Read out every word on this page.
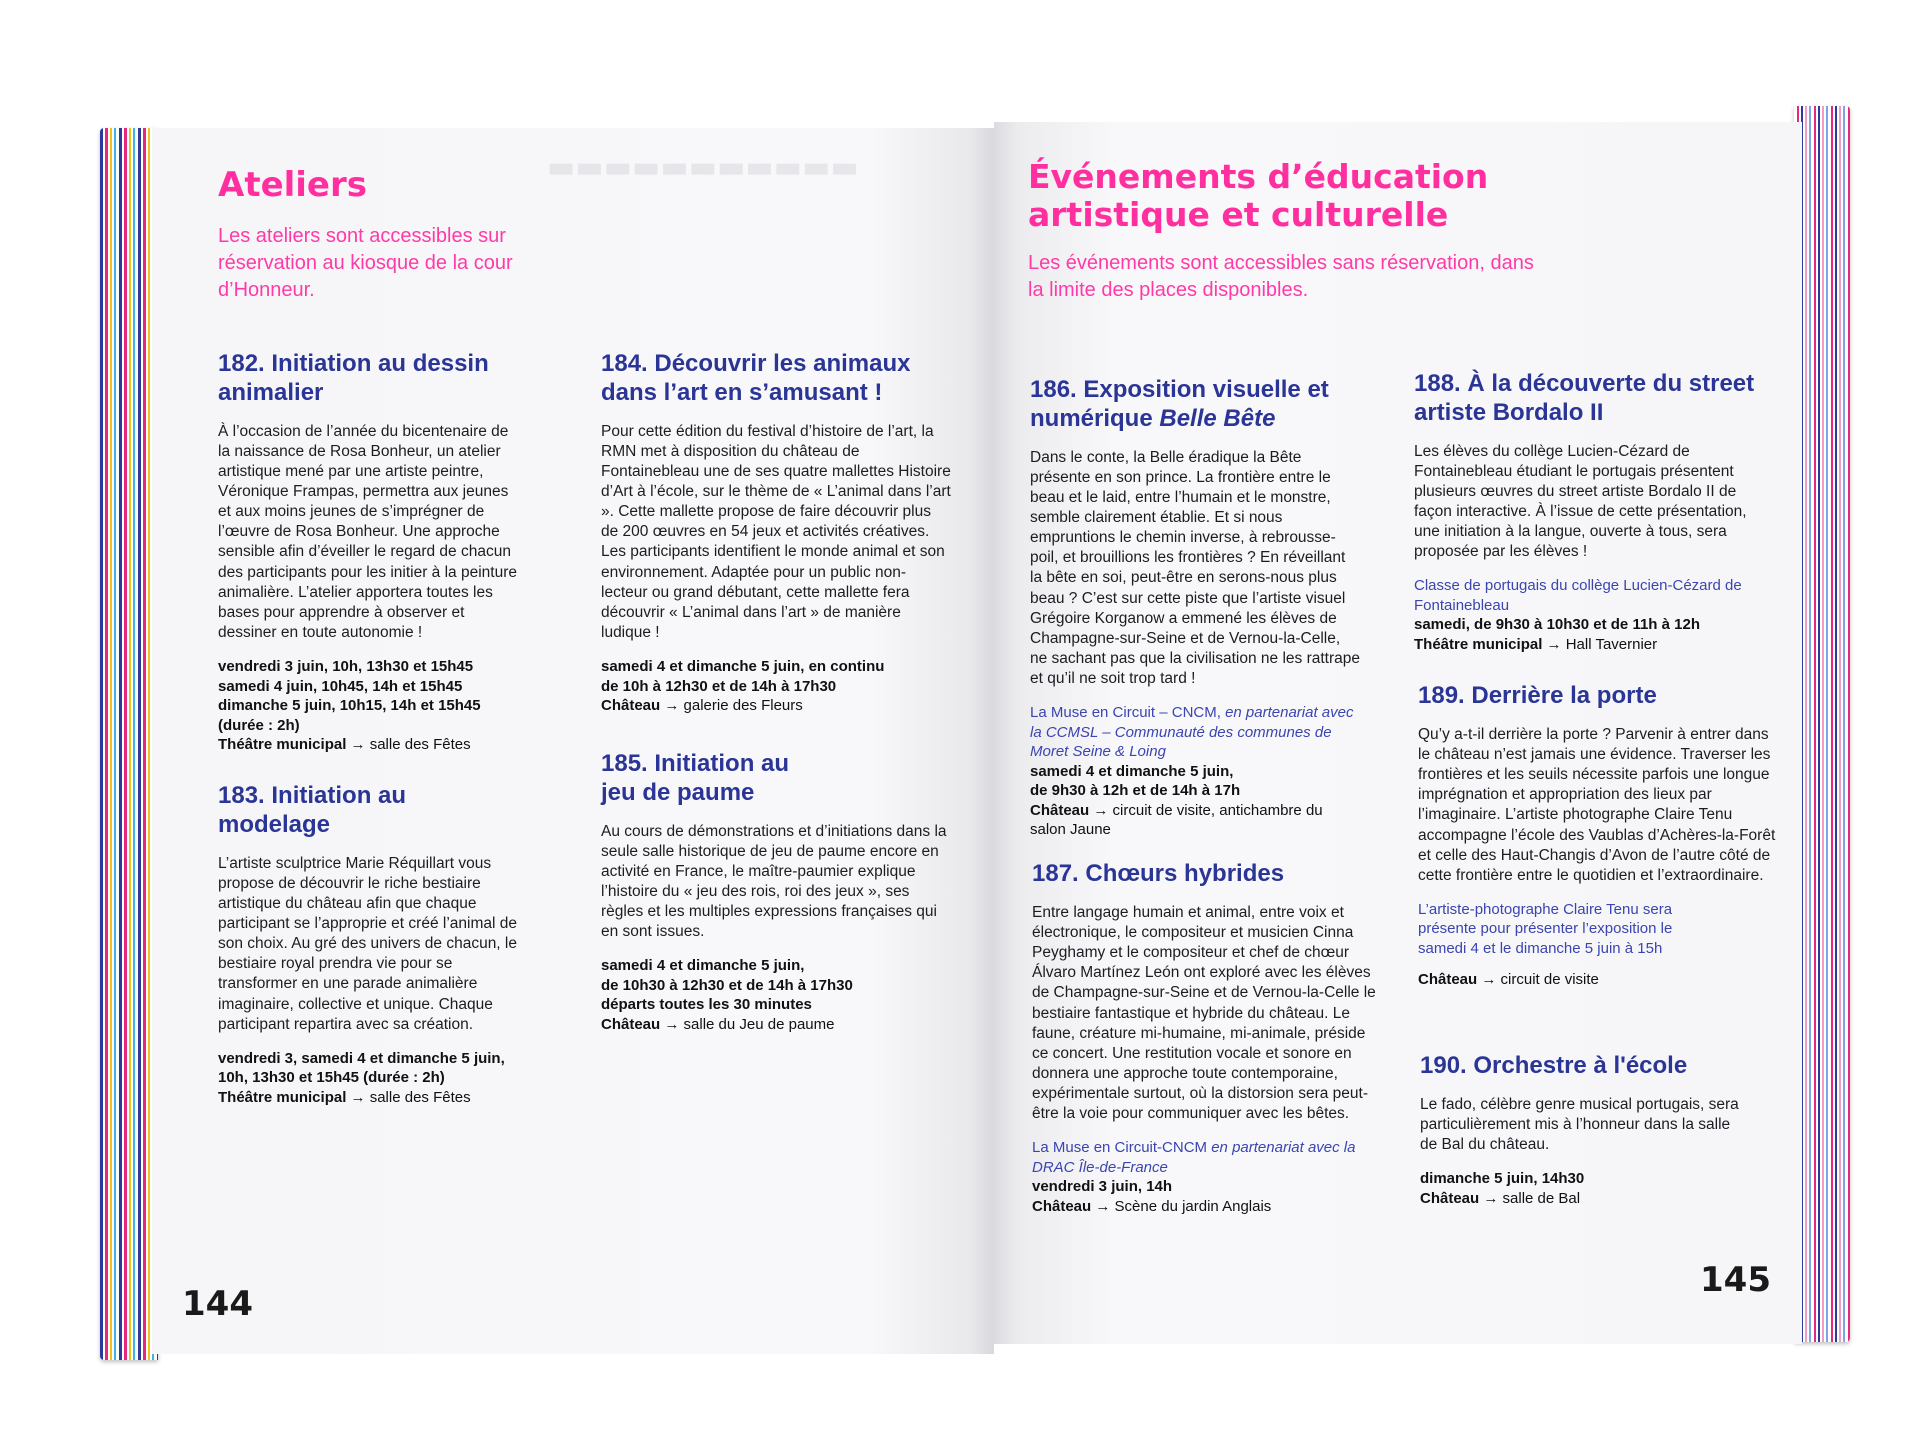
▬▬▬▬▬▬▬▬▬▬▬
Ateliers

Les ateliers sont accessibles sur réservation au kiosque de la cour d’Honneur.

182. Initiation au dessin animalier

À l’occasion de l’année du bicentenaire de la naissance de Rosa Bonheur, un atelier artistique mené par une artiste peintre, Véronique Frampas, permettra aux jeunes et aux moins jeunes de s’imprégner de l’œuvre de Rosa Bonheur. Une approche sensible afin d’éveiller le regard de chacun des participants pour les initier à la peinture animalière. L’atelier apportera toutes les bases pour apprendre à observer et dessiner en toute autonomie !

vendredi 3 juin, 10h, 13h30 et 15h45

samedi 4 juin, 10h45, 14h et 15h45

dimanche 5 juin, 10h15, 14h et 15h45

(durée : 2h)

Théâtre municipal → salle des Fêtes

183. Initiation au modelage

L’artiste sculptrice Marie Réquillart vous propose de découvrir le riche bestiaire artistique du château afin que chaque participant se l’approprie et créé l’animal de son choix. Au gré des univers de chacun, le bestiaire royal prendra vie pour se transformer en une parade animalière imaginaire, collective et unique. Chaque participant repartira avec sa création.

vendredi 3, samedi 4 et dimanche 5 juin,

10h, 13h30 et 15h45 (durée : 2h)

Théâtre municipal → salle des Fêtes

184. Découvrir les animaux dans l’art en s’amusant !

Pour cette édition du festival d’histoire de l’art, la RMN met à disposition du château de Fontainebleau une de ses quatre mallettes Histoire d’Art à l’école, sur le thème de « L’animal dans l’art ». Cette mallette propose de faire découvrir plus de 200 œuvres en 54 jeux et activités créatives. Les participants identifient le monde animal et son environnement. Adaptée pour un public non-lecteur ou grand débutant, cette mallette fera découvrir « L’animal dans l’art » de manière ludique !

samedi 4 et dimanche 5 juin, en continu

de 10h à 12h30 et de 14h à 17h30

Château → galerie des Fleurs

185. Initiation au jeu de paume

Au cours de démonstrations et d’initiations dans la seule salle historique de jeu de paume encore en activité en France, le maître-paumier explique l’histoire du « jeu des rois, roi des jeux », ses règles et les multiples expressions françaises qui en sont issues.

samedi 4 et dimanche 5 juin,

de 10h30 à 12h30 et de 14h à 17h30

départs toutes les 30 minutes

Château → salle du Jeu de paume

144

Événements d’éducation
artistique et culturelle

Les événements sont accessibles sans réservation, dans la limite des places disponibles.

186. Exposition visuelle et numérique Belle Bête

Dans le conte, la Belle éradique la Bête présente en son prince. La frontière entre le beau et le laid, entre l’humain et le monstre, semble clairement établie. Et si nous empruntions le chemin inverse, à rebrousse-poil, et brouillions les frontières ? En réveillant la bête en soi, peut-être en serons-nous plus beau ? C’est sur cette piste que l’artiste visuel Grégoire Korganow a emmené les élèves de Champagne-sur-Seine et de Vernou-la-Celle, ne sachant pas que la civilisation ne les rattrape et qu’il ne soit trop tard !

La Muse en Circuit – CNCM, en partenariat avec la CCMSL – Communauté des communes de Moret Seine & Loing

samedi 4 et dimanche 5 juin,

de 9h30 à 12h et de 14h à 17h

Château → circuit de visite, antichambre du salon Jaune

187. Chœurs hybrides

Entre langage humain et animal, entre voix et électronique, le compositeur et musicien Cinna Peyghamy et le compositeur et chef de chœur Álvaro Martínez León ont exploré avec les élèves de Champagne-sur-Seine et de Vernou-la-Celle le bestiaire fantastique et hybride du château. Le faune, créature mi-humaine, mi-animale, préside ce concert. Une restitution vocale et sonore en donnera une approche toute contemporaine, expérimentale surtout, où la distorsion sera peut-être la voie pour communiquer avec les bêtes.

La Muse en Circuit-CNCM en partenariat avec la DRAC Île-de-France

vendredi 3 juin, 14h

Château → Scène du jardin Anglais

188. À la découverte du street artiste Bordalo II

Les élèves du collège Lucien-Cézard de Fontainebleau étudiant le portugais présentent plusieurs œuvres du street artiste Bordalo II de façon interactive. À l’issue de cette présentation, une initiation à la langue, ouverte à tous, sera proposée par les élèves !

Classe de portugais du collège Lucien-Cézard de Fontainebleau

samedi, de 9h30 à 10h30 et de 11h à 12h

Théâtre municipal → Hall Tavernier

189. Derrière la porte

Qu’y a-t-il derrière la porte ? Parvenir à entrer dans le château n’est jamais une évidence. Traverser les frontières et les seuils nécessite parfois une longue imprégnation et appropriation des lieux par l’imaginaire. L’artiste photographe Claire Tenu accompagne l’école des Vaublas d’Achères-la-Forêt et celle des Haut-Changis d’Avon de l’autre côté de cette frontière entre le quotidien et l’extraordinaire.

L’artiste-photographe Claire Tenu sera présente pour présenter l’exposition le samedi 4 et le dimanche 5 juin à 15h

Château → circuit de visite

190. Orchestre à l'école

Le fado, célèbre genre musical portugais, sera particulièrement mis à l’honneur dans la salle de Bal du château.

dimanche 5 juin, 14h30

Château → salle de Bal

145
